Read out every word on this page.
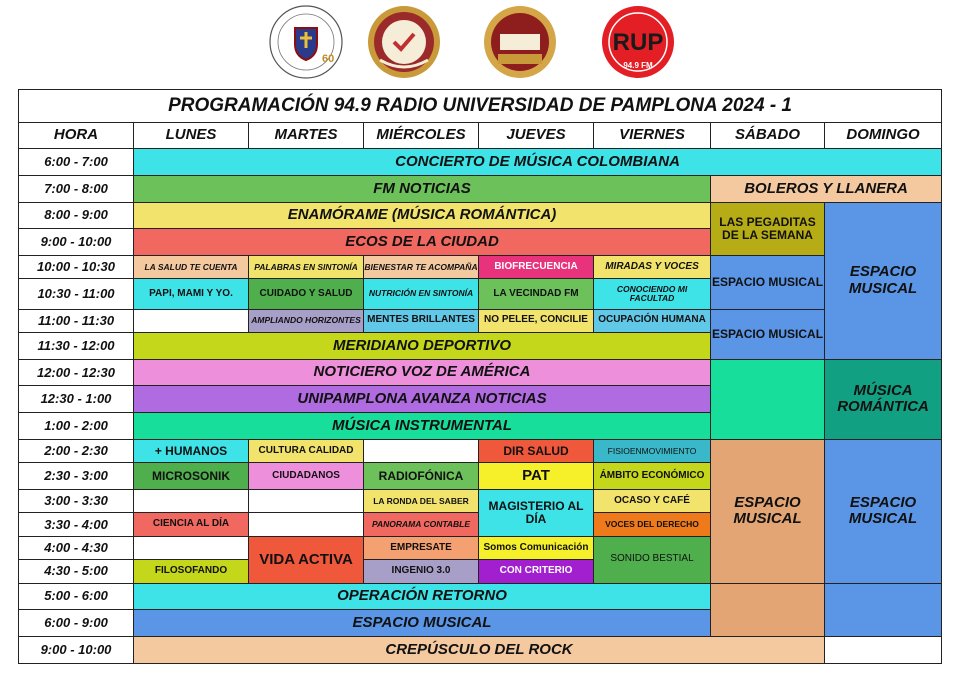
60
RUP
94.9 FM
PROGRAMACIÓN 94.9 RADIO UNIVERSIDAD DE PAMPLONA 2024 - 1							
HORA	LUNES	MARTES	MIÉRCOLES	JUEVES	VIERNES	SÁBADO	DOMINGO
6:00 - 7:00	CONCIERTO DE MÚSICA COLOMBIANA						
7:00 - 8:00	FM NOTICIAS					BOLEROS Y LLANERA	
8:00 - 9:00	ENAMÓRAME (MÚSICA ROMÁNTICA)					LAS PEGADITAS DE LA SEMANA	ESPACIO MUSICAL
9:00 - 10:00	ECOS DE LA CIUDAD						
10:00 - 10:30	LA SALUD TE CUENTA	PALABRAS EN SINTONÍA	BIENESTAR TE ACOMPAÑA	BIOFRECUENCIA	MIRADAS Y VOCES	ESPACIO MUSICAL	
10:30 - 11:00	PAPI, MAMI Y YO.	CUIDADO Y SALUD	NUTRICIÓN EN SINTONÍA	LA VECINDAD FM	CONOCIENDO MI FACULTAD		
11:00 - 11:30		AMPLIANDO HORIZONTES	MENTES BRILLANTES	NO PELEE, CONCILIE	OCUPACIÓN HUMANA	ESPACIO MUSICAL	
11:30 - 12:00	MERIDIANO DEPORTIVO						
12:00 - 12:30	NOTICIERO VOZ DE AMÉRICA						MÚSICA ROMÁNTICA
12:30 - 1:00	UNIPAMPLONA AVANZA NOTICIAS						
1:00 - 2:00	MÚSICA INSTRUMENTAL						
2:00 - 2:30	+ HUMANOS	CULTURA CALIDAD		DIR SALUD	FISIOENMOVIMIENTO	ESPACIO MUSICAL	ESPACIO MUSICAL
2:30 - 3:00	MICROSONIK	CIUDADANOS	RADIOFÓNICA	PAT	ÁMBITO ECONÓMICO		
3:00 - 3:30			LA RONDA DEL SABER	MAGISTERIO AL DÍA	OCASO Y CAFÉ		
3:30 - 4:00	CIENCIA AL DÍA		PANORAMA CONTABLE		VOCES DEL DERECHO		
4:00 - 4:30		VIDA ACTIVA	EMPRESATE	Somos Comunicación	SONIDO BESTIAL		
4:30 - 5:00	FILOSOFANDO		INGENIO 3.0	CON CRITERIO			
5:00 - 6:00	OPERACIÓN RETORNO						
6:00 - 9:00	ESPACIO MUSICAL						
9:00 - 10:00	CREPÚSCULO DEL ROCK						
